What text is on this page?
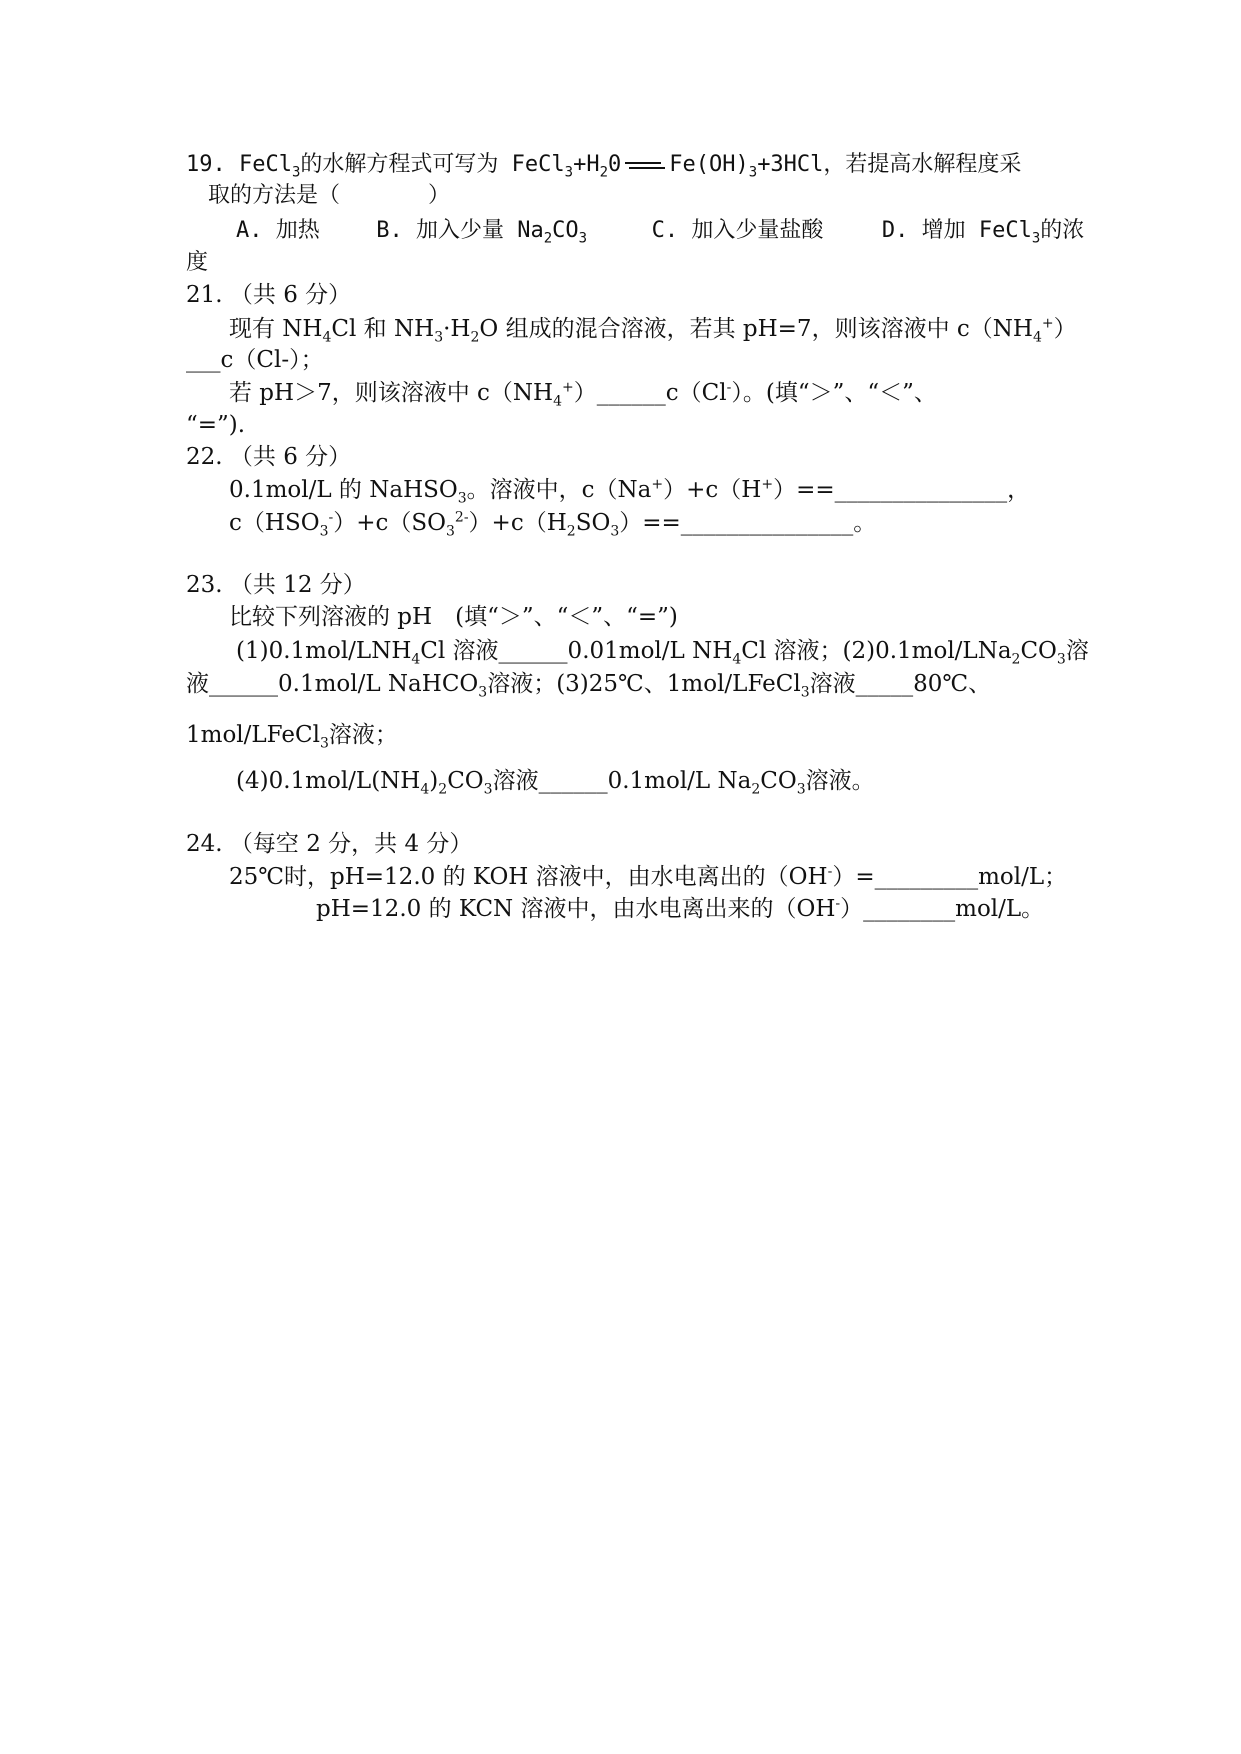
19. FeCl$_3$的水解方程式可写为 $FeCl_3+H_20$ $Fe(OH)_3+3HCl$，若提高水解程度采
取的方法是（　　　　）
A. 加热	B. 加入少量 $Na_2CO_3$	C. 加入少量盐酸	D. 增加 FeCl$_3$的浓
度
21. （共 6 分）
现有 $NH_4Cl$ 和 $NH_3\cdot H_2O$ 组成的混合溶液，若其 pH=7，则该溶液中 $c(NH_4^+)$
___c（Cl-）；
若 pH＞7，则该溶液中 $c(NH_4^+)\_\_\_\_\_\_c(Cl^-)$。(填“＞”、“＜”、
“=”).
22. （共 6 分）
0.1mol/L 的 NaHSO$_3$。溶液中，c（Na+）+c（H+）==_______________，
$c(HSO_3^-)+c(SO_3^{2-})+c(H_2SO_3)==\_\_\_\_\_\_\_\_\_\_\_\_\_\_\_$。
23. （共 12 分）
比较下列溶液的 pH　(填“＞”、“＜”、“=”)
$(1)0.1mol/LNH_4Cl$ 溶液______0.01mol/L $NH_4Cl$ 溶液；$(2)0.1mol/LNa_2CO_3$溶
液______0.1mol/L NaHCO$_3$溶液；(3)25℃、1mol/LFeCl$_3$溶液_____80℃、
1mol/LFeCl$_3$溶液；
$(4)0.1mol/L(NH_4)_2CO_3$溶液______0.1mol/L $Na_2CO_3$溶液。
24. （每空 2 分，共 4 分）
25℃时，pH=12.0 的 KOH 溶液中，由水电离出的（OH-）=_________mol/L；
pH=12.0 的 KCN 溶液中，由水电离出来的（OH-）________mol/L。
